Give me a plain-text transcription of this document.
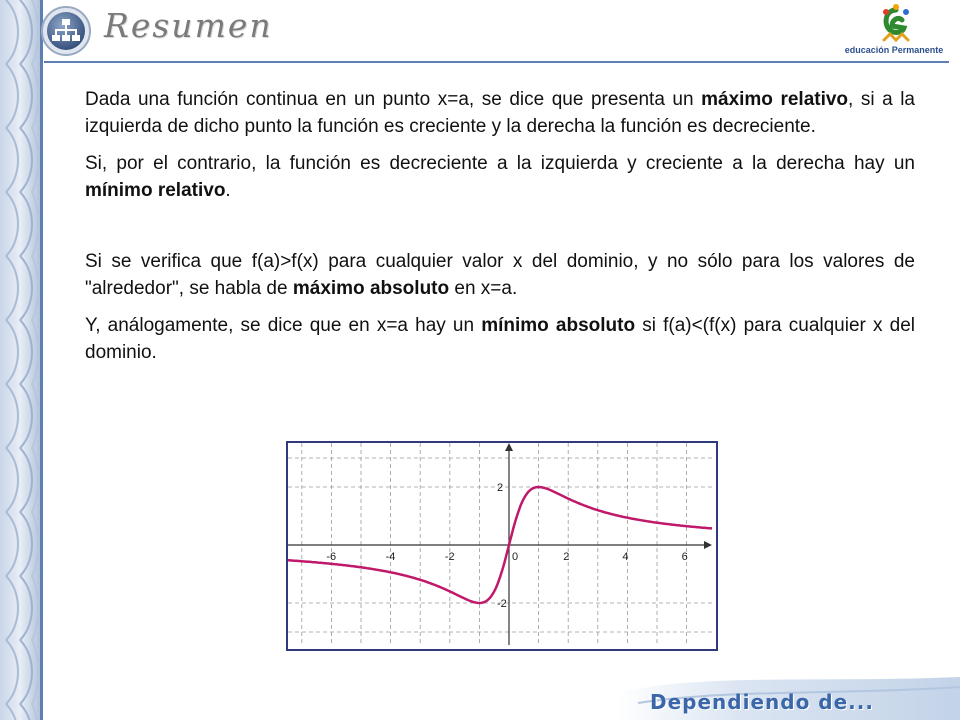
Resumen
educación Permanente

Dada una función continua en un punto x=a, se dice que presenta un máximo relativo, si a la izquierda de dicho punto la función es creciente y la derecha la función es decreciente.

Si, por el contrario, la función es decreciente a la izquierda y creciente a la derecha hay un mínimo relativo.

Si se verifica que f(a)>f(x) para cualquier valor x del dominio, y no sólo para los valores de "alrededor", se habla de máximo absoluto en x=a.

Y, análogamente, se dice que en x=a hay un mínimo absoluto si f(a)<(f(x) para cualquier x del dominio.

-6	-4	-2	0	2	4	6
2
-2
Dependiendo de...
